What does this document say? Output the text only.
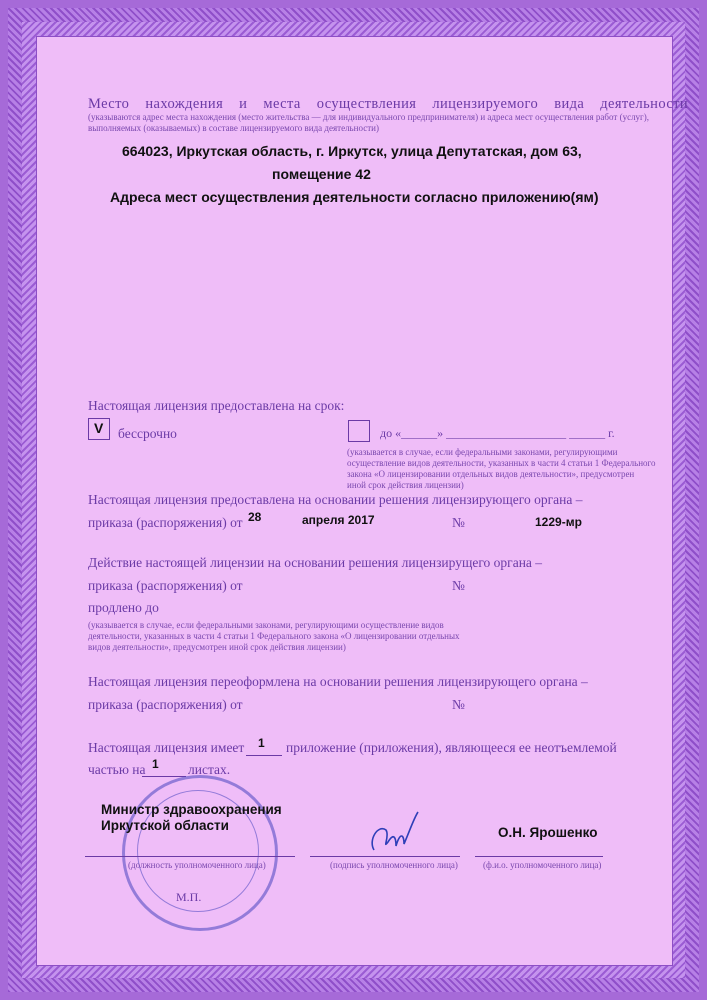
Место нахождения и места осуществления лицензируемого вида деятельности
(указываются адрес места нахождения (место жительства — для индивидуального предпринимателя) и адреса мест осуществления работ (услуг),
выполняемых (оказываемых) в составе лицензируемого вида деятельности)
664023, Иркутская область, г. Иркутск, улица Депутатская, дом 63,
помещение 42
Адреса мест осуществления деятельности согласно приложению(ям)
Настоящая лицензия предоставлена на срок:
V бессрочно	до «______» ____________________ ______ г.
(указывается в случае, если федеральными законами, регулирующими
осуществление видов деятельности, указанных в части 4 статьи 1 Федерального
закона «О лицензировании отдельных видов деятельности», предусмотрен
иной срок действия лицензии)
Настоящая лицензия предоставлена на основании решения лицензирующего органа –
приказа (распоряжения) от 28	апреля 2017	№	1229-мр
Действие настоящей лицензии на основании решения лицензирущего органа –
приказа (распоряжения) от	№
продлено до
(указывается в случае, если федеральными законами, регулирующими осуществление видов
деятельности, указанных в части 4 статьи 1 Федерального закона «О лицензировании отдельных
видов деятельности», предусмотрен иной срок действия лицензии)
Настоящая лицензия переоформлена на основании решения лицензирующего органа –
приказа (распоряжения) от	№
Настоящая лицензия имеет 1 приложение (приложения), являющееся ее неотъемлемой
частью на 1 листах.
Министр здравоохранения
Иркутской области	О.Н. Ярошенко
(должность уполномоченного лица)	(подпись уполномоченного лица)	(ф.и.о. уполномоченного лица)
М.П.
